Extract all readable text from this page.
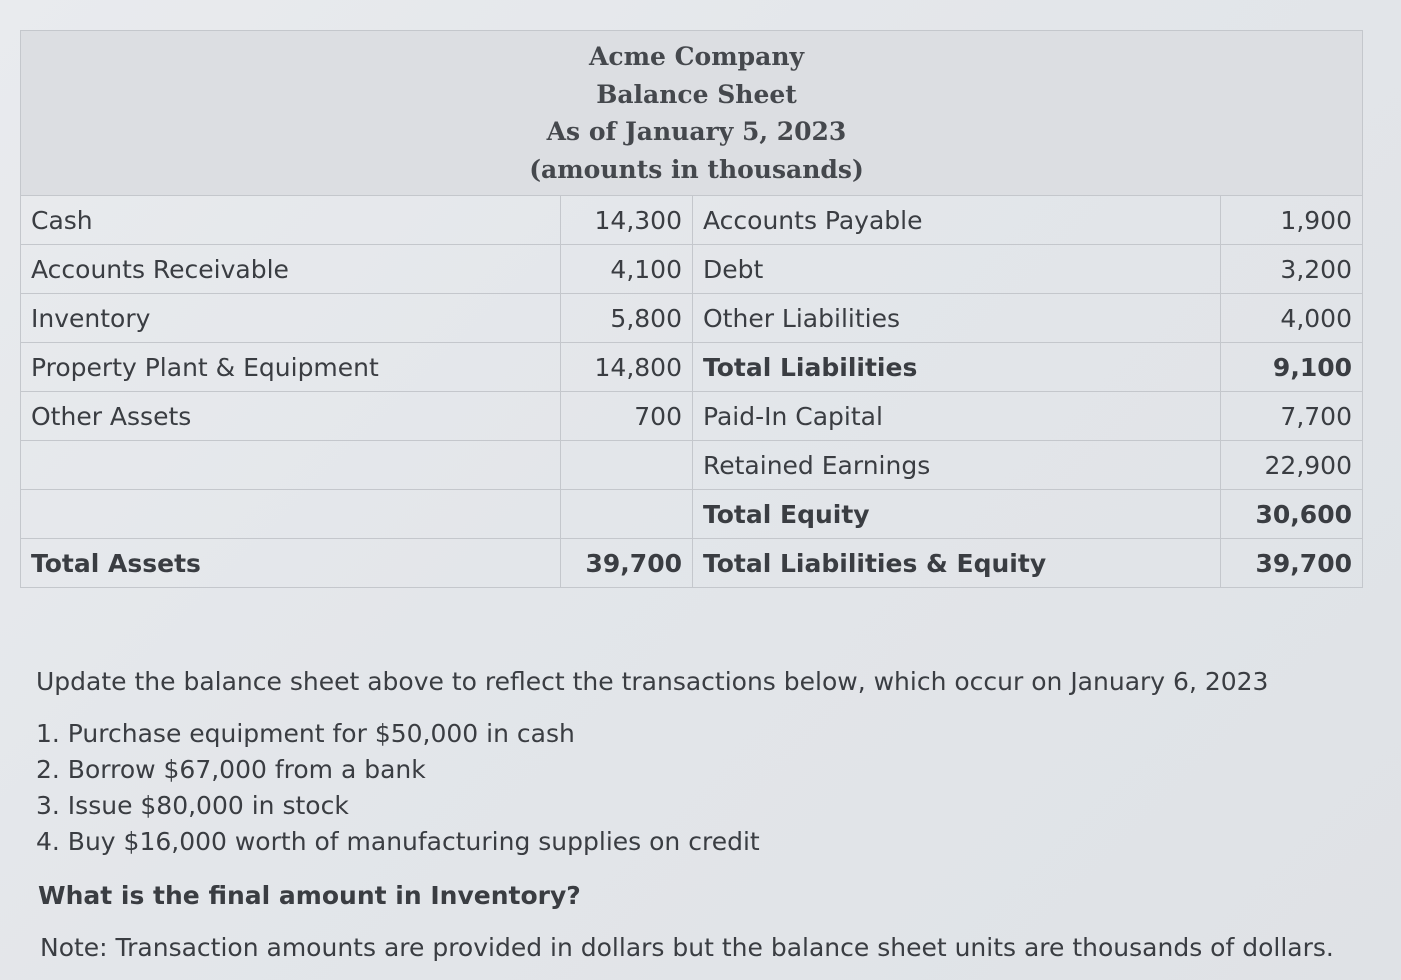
Acme Company
Balance Sheet
As of January 5, 2023
(amounts in thousands)			

Cash	14,300	Accounts Payable	1,900
Accounts Receivable	4,100	Debt	3,200
Inventory	5,800	Other Liabilities	4,000
Property Plant & Equipment	14,800	Total Liabilities	9,100
Other Assets	700	Paid-In Capital	7,700
		Retained Earnings	22,900
		Total Equity	30,600
Total Assets	39,700	Total Liabilities & Equity	39,700

Update the balance sheet above to reflect the transactions below, which occur on January 6, 2023

1. Purchase equipment for $50,000 in cash
2. Borrow $67,000 from a bank
3. Issue $80,000 in stock
4. Buy $16,000 worth of manufacturing supplies on credit

What is the final amount in Inventory?

Note: Transaction amounts are provided in dollars but the balance sheet units are thousands of dollars.
